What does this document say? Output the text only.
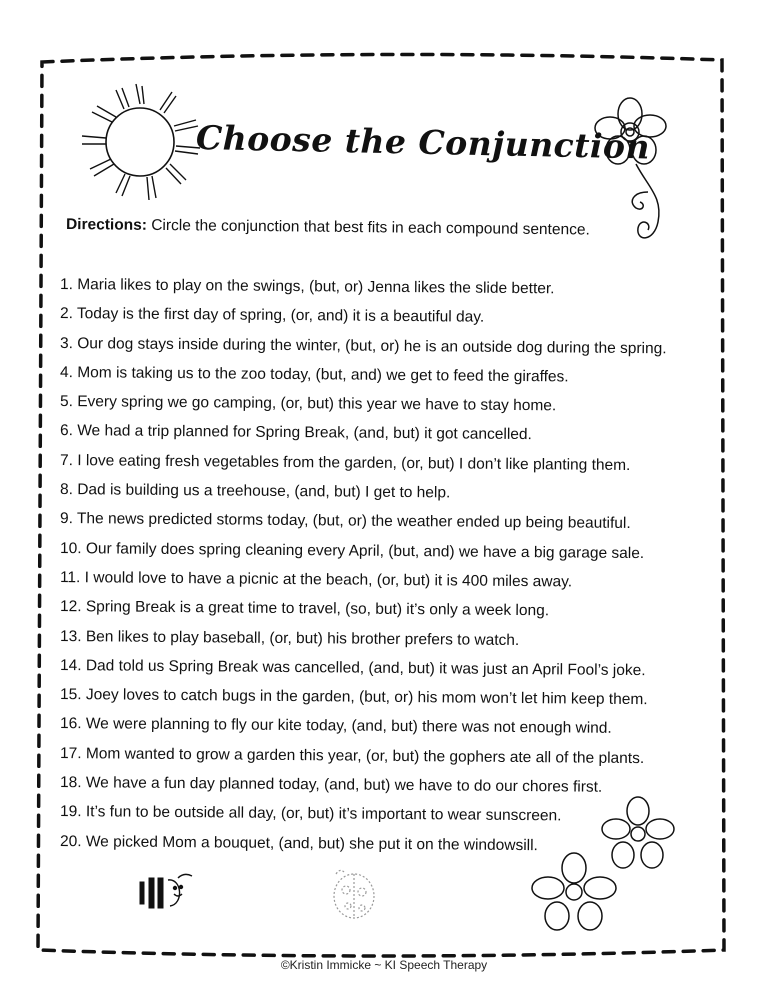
Choose the Conjunction

Directions: Circle the conjunction that best fits in each compound sentence.

1. Maria likes to play on the swings, (but, or) Jenna likes the slide better.
2. Today is the first day of spring, (or, and) it is a beautiful day.
3. Our dog stays inside during the winter, (but, or) he is an outside dog during the spring.
4. Mom is taking us to the zoo today, (but, and) we get to feed the giraffes.
5. Every spring we go camping, (or, but) this year we have to stay home.
6. We had a trip planned for Spring Break, (and, but) it got cancelled.
7. I love eating fresh vegetables from the garden, (or, but) I don’t like planting them.
8. Dad is building us a treehouse, (and, but) I get to help.
9. The news predicted storms today, (but, or) the weather ended up being beautiful.
10. Our family does spring cleaning every April, (but, and) we have a big garage sale.
11. I would love to have a picnic at the beach, (or, but) it is 400 miles away.
12. Spring Break is a great time to travel, (so, but) it’s only a week long.
13. Ben likes to play baseball, (or, but) his brother prefers to watch.
14. Dad told us Spring Break was cancelled, (and, but) it was just an April Fool’s joke.
15. Joey loves to catch bugs in the garden, (but, or) his mom won’t let him keep them.
16. We were planning to fly our kite today, (and, but) there was not enough wind.
17. Mom wanted to grow a garden this year, (or, but) the gophers ate all of the plants.
18. We have a fun day planned today, (and, but) we have to do our chores first.
19. It’s fun to be outside all day, (or, but) it’s important to wear sunscreen.
20. We picked Mom a bouquet, (and, but) she put it on the windowsill.
©Kristin Immicke ~ KI Speech Therapy
